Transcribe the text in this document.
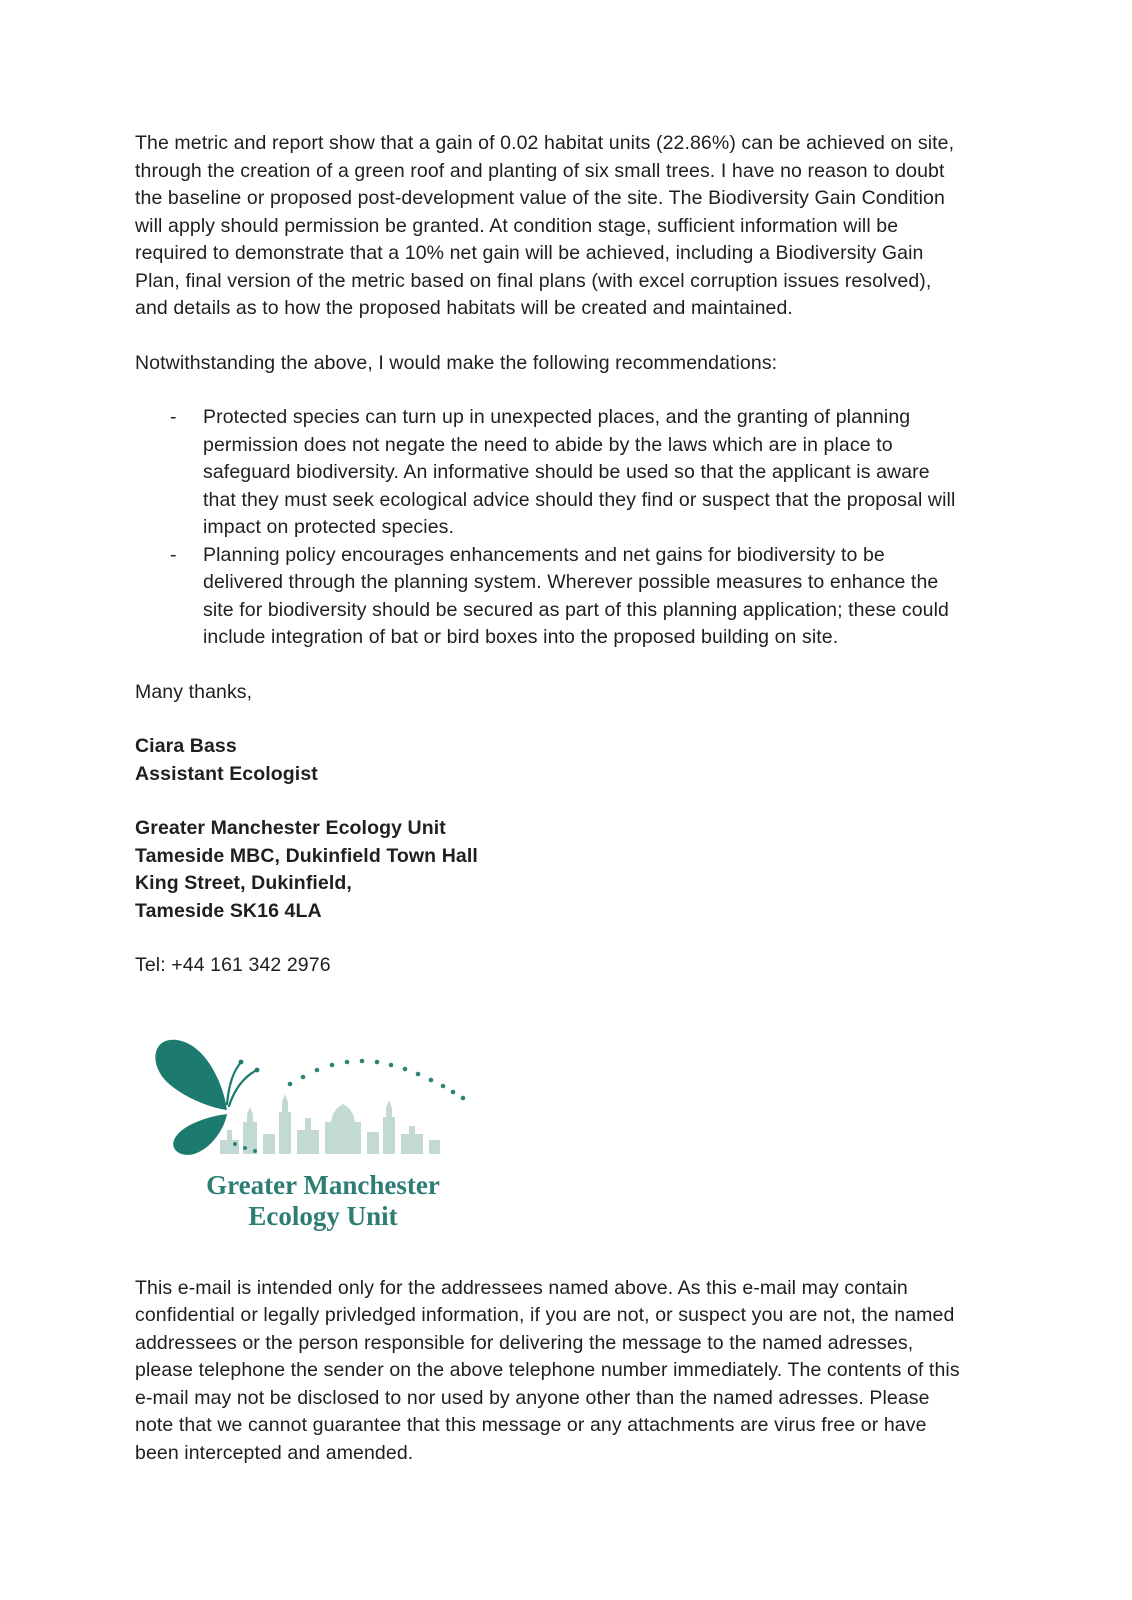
The metric and report show that a gain of 0.02 habitat units (22.86%) can be achieved on site, through the creation of a green roof and planting of six small trees. I have no reason to doubt the baseline or proposed post-development value of the site. The Biodiversity Gain Condition will apply should permission be granted. At condition stage, sufficient information will be required to demonstrate that a 10% net gain will be achieved, including a Biodiversity Gain Plan, final version of the metric based on final plans (with excel corruption issues resolved), and details as to how the proposed habitats will be created and maintained.

Notwithstanding the above, I would make the following recommendations:

-	Protected species can turn up in unexpected places, and the granting of planning permission does not negate the need to abide by the laws which are in place to safeguard biodiversity. An informative should be used so that the applicant is aware that they must seek ecological advice should they find or suspect that the proposal will impact on protected species.
-	Planning policy encourages enhancements and net gains for biodiversity to be delivered through the planning system. Wherever possible measures to enhance the site for biodiversity should be secured as part of this planning application; these could include integration of bat or bird boxes into the proposed building on site.

Many thanks,

Ciara Bass
Assistant Ecologist
Greater Manchester Ecology Unit
Tameside MBC, Dukinfield Town Hall
King Street, Dukinfield,
Tameside SK16 4LA

Tel: +44 161 342 2976

Greater Manchester
Ecology Unit

This e-mail is intended only for the addressees named above. As this e-mail may contain confidential or legally privledged information, if you are not, or suspect you are not, the named addressees or the person responsible for delivering the message to the named adresses, please telephone the sender on the above telephone number immediately. The contents of this e-mail may not be disclosed to nor used by anyone other than the named adresses. Please note that we cannot guarantee that this message or any attachments are virus free or have been intercepted and amended.
